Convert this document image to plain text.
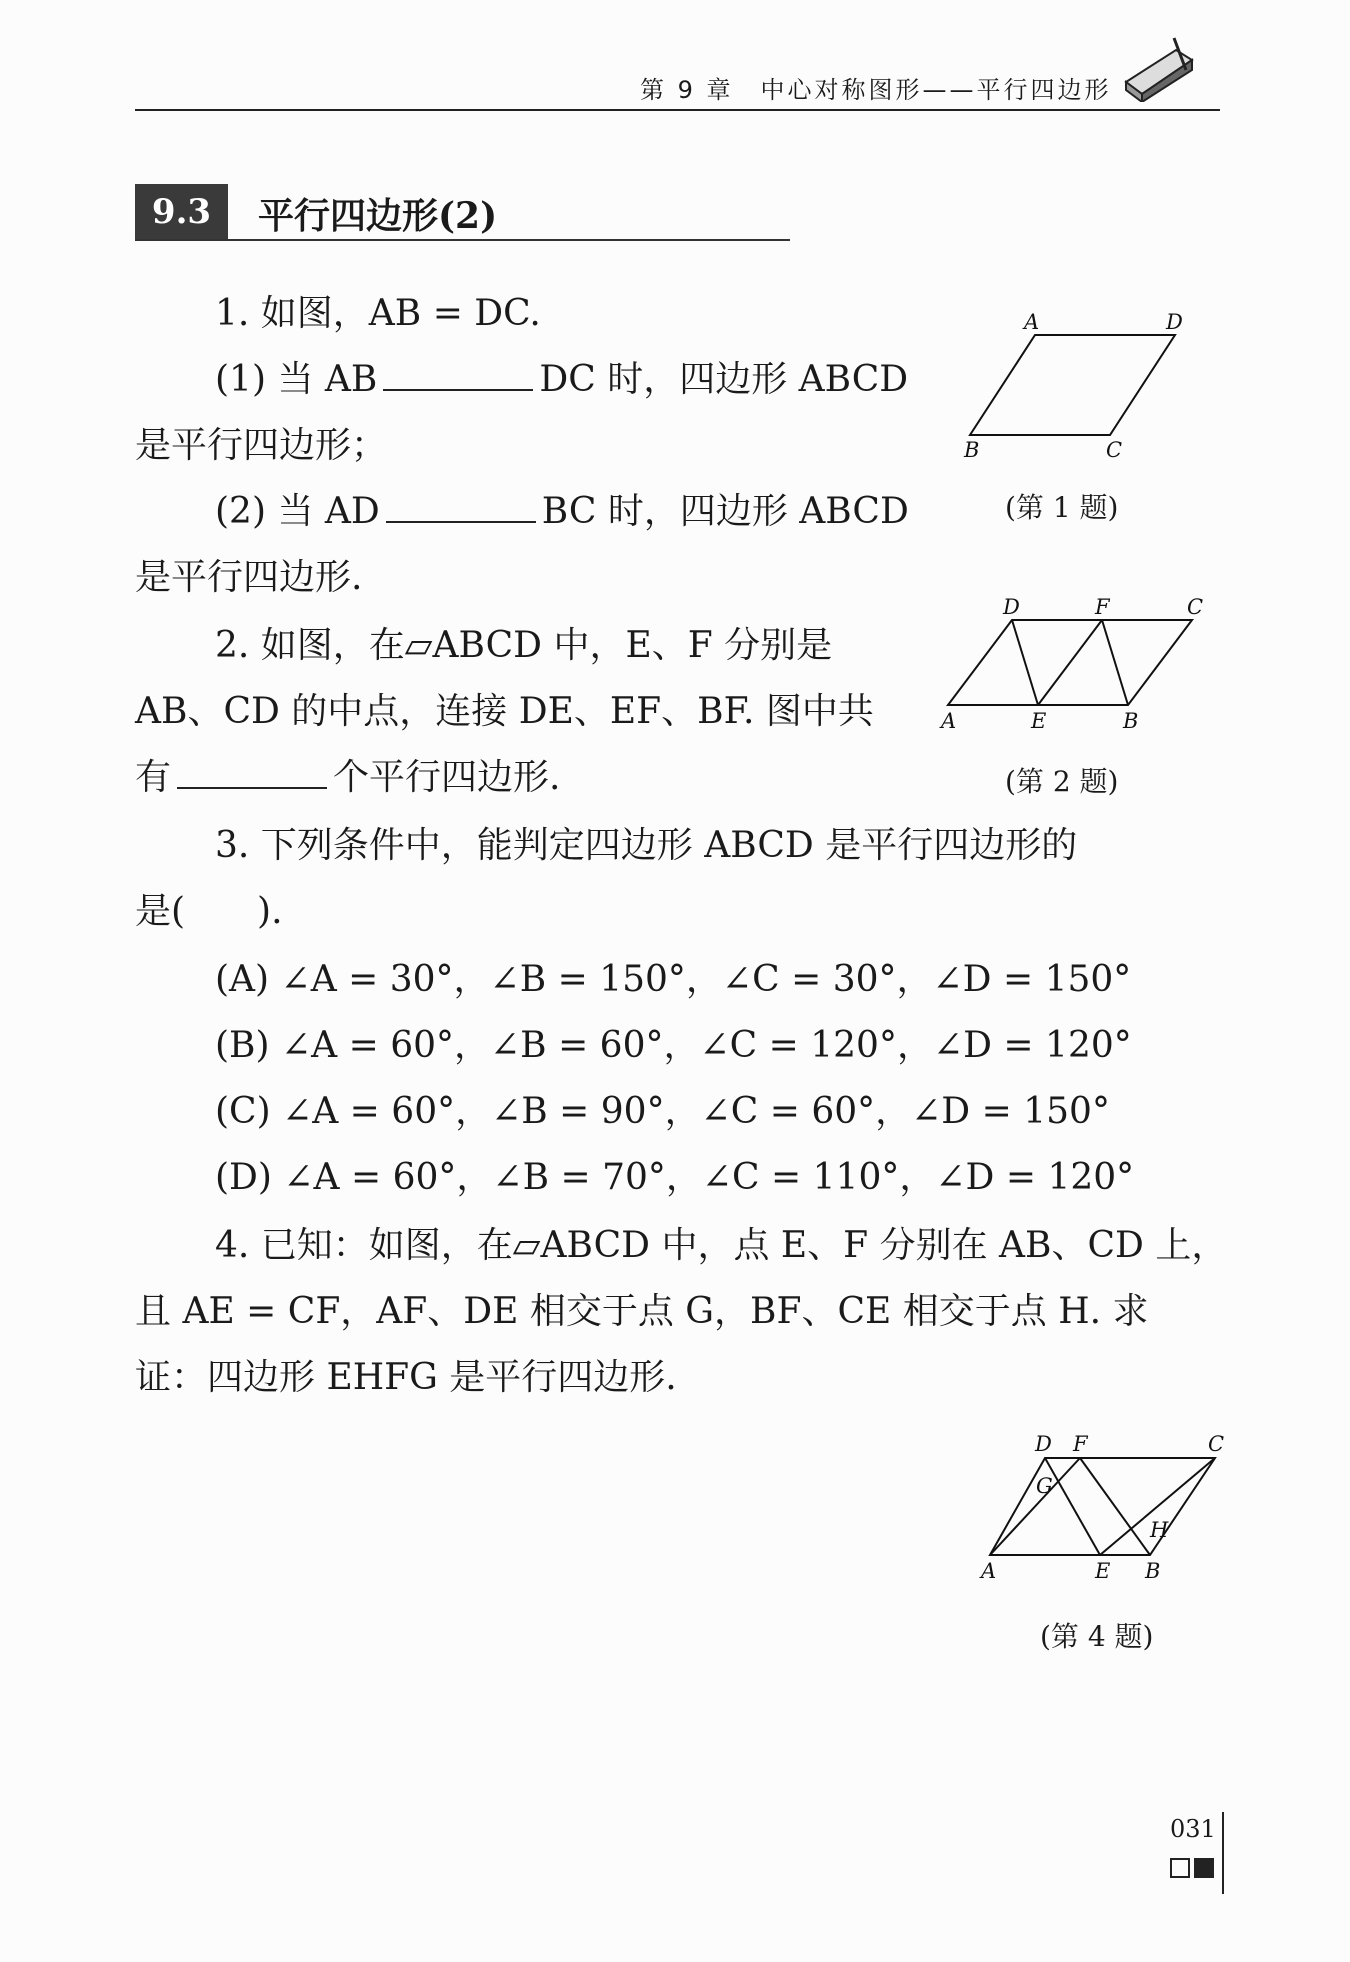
第 9 章　中心对称图形——平行四边形
9.3	平行四边形(2)
1. 如图，AB = DC.
(1) 当 AB	DC 时，四边形 ABCD
是平行四边形；
(2) 当 AD	BC 时，四边形 ABCD
是平行四边形.
A	D
B	C
(第 1 题)
2. 如图，在▱ABCD 中，E、F 分别是
AB、CD 的中点，连接 DE、EF、BF. 图中共
有	个平行四边形.
D	F	C
A	E	B
(第 2 题)
3. 下列条件中，能判定四边形 ABCD 是平行四边形的
是(　　).
(A) ∠A = 30°，∠B = 150°，∠C = 30°，∠D = 150°
(B) ∠A = 60°，∠B = 60°，∠C = 120°，∠D = 120°
(C) ∠A = 60°，∠B = 90°，∠C = 60°，∠D = 150°
(D) ∠A = 60°，∠B = 70°，∠C = 110°，∠D = 120°
4. 已知：如图，在▱ABCD 中，点 E、F 分别在 AB、CD 上，
且 AE = CF，AF、DE 相交于点 G，BF、CE 相交于点 H. 求
证：四边形 EHFG 是平行四边形.
D F	C
G
H
A	E B
(第 4 题)
031
